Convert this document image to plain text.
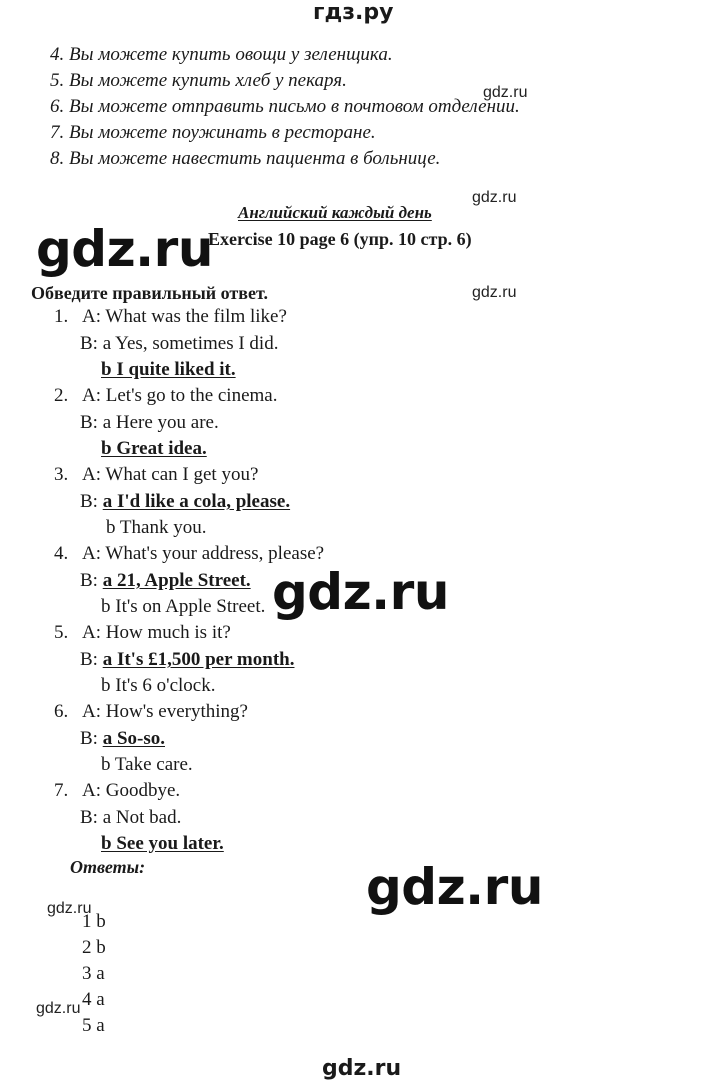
гдз.ру
4. Вы можете купить овощи у зеленщика.
5. Вы можете купить хлеб у пекаря.
6. Вы можете отправить письмо в почтовом отделении.
7. Вы можете поужинать в ресторане.
8. Вы можете навестить пациента в больнице.
Английский каждый день
Exercise 10 page 6 (упр. 10 стр. 6)
Обведите правильный ответ.
1. A: What was the film like?
B: a Yes, sometimes I did.
b I quite liked it.
2. A: Let's go to the cinema.
B: a Here you are.
b Great idea.
3. A: What can I get you?
B: a I'd like a cola, please.
b Thank you.
4. A: What's your address, please?
B: a 21, Apple Street.
b It's on Apple Street.
5. A: How much is it?
B: a It's £1,500 per month.
b It's 6 o'clock.
6. A: How's everything?
B: a So-so.
b Take care.
7. A: Goodbye.
B: a Not bad.
b See you later.
Ответы:
1 b
2 b
3 a
4 a
5 a
gdz.ru
gdz.ru
gdz.ru
gdz.ru
gdz.ru
gdz.ru
gdz.ru
gdz.ru
gdz.ru
